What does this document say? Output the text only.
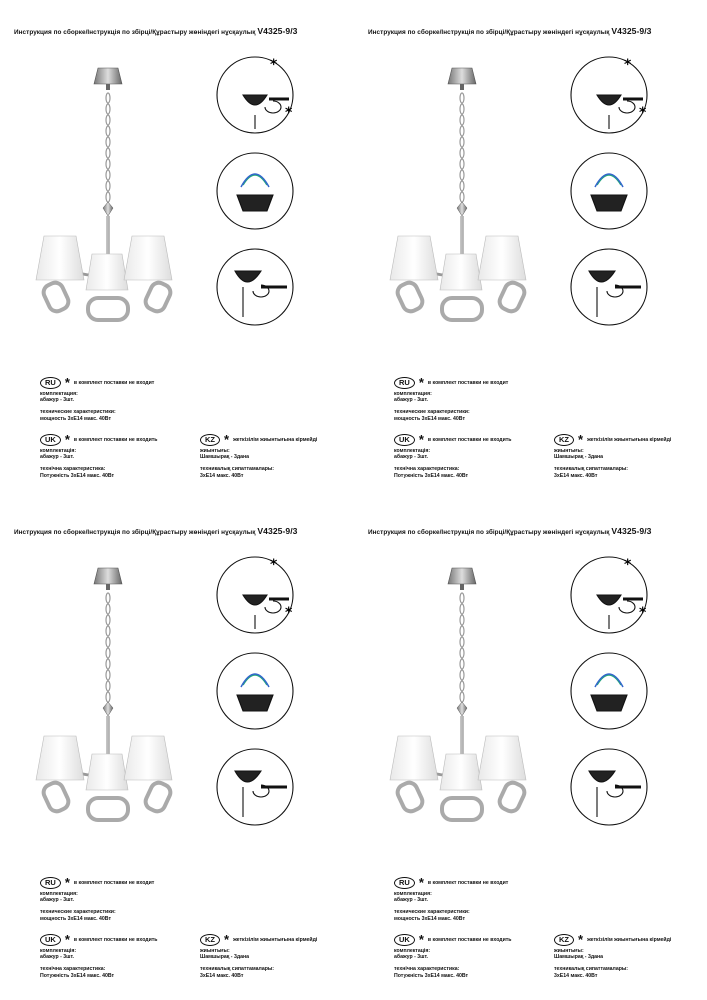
Инструкция по сборке/Інструкція по збірці/Құрастыру жөніндегі нұсқаулық V4325-9/3
*
*
RU * в комплект поставки не входит
комплектация:
абажур - 3шт.
технические характеристики:
мощность 3хЕ14 макс. 40Вт
UK * в комплект поставки не входить
комплектація:
абажур - 3шт.
технічна характеристика:
Потужність 3хЕ14 макс. 40Вт
KZ * жеткізілім жиынтығына кірмейді
жиынтығы:
Шамшырақ - 3дана
техникалық сипаттамалары:
3хЕ14 макс. 40Вт
Инструкция по сборке/Інструкція по збірці/Құрастыру жөніндегі нұсқаулық V4325-9/3
*
*
RU * в комплект поставки не входит
комплектация:
абажур - 3шт.
технические характеристики:
мощность 3хЕ14 макс. 40Вт
UK * в комплект поставки не входить
комплектація:
абажур - 3шт.
технічна характеристика:
Потужність 3хЕ14 макс. 40Вт
KZ * жеткізілім жиынтығына кірмейді
жиынтығы:
Шамшырақ - 3дана
техникалық сипаттамалары:
3хЕ14 макс. 40Вт
Инструкция по сборке/Інструкція по збірці/Құрастыру жөніндегі нұсқаулық V4325-9/3
*
*
RU * в комплект поставки не входит
комплектация:
абажур - 3шт.
технические характеристики:
мощность 3хЕ14 макс. 40Вт
UK * в комплект поставки не входить
комплектація:
абажур - 3шт.
технічна характеристика:
Потужність 3хЕ14 макс. 40Вт
KZ * жеткізілім жиынтығына кірмейді
жиынтығы:
Шамшырақ - 3дана
техникалық сипаттамалары:
3хЕ14 макс. 40Вт
Инструкция по сборке/Інструкція по збірці/Құрастыру жөніндегі нұсқаулық V4325-9/3
*
*
RU * в комплект поставки не входит
комплектация:
абажур - 3шт.
технические характеристики:
мощность 3хЕ14 макс. 40Вт
UK * в комплект поставки не входить
комплектація:
абажур - 3шт.
технічна характеристика:
Потужність 3хЕ14 макс. 40Вт
KZ * жеткізілім жиынтығына кірмейді
жиынтығы:
Шамшырақ - 3дана
техникалық сипаттамалары:
3хЕ14 макс. 40Вт
